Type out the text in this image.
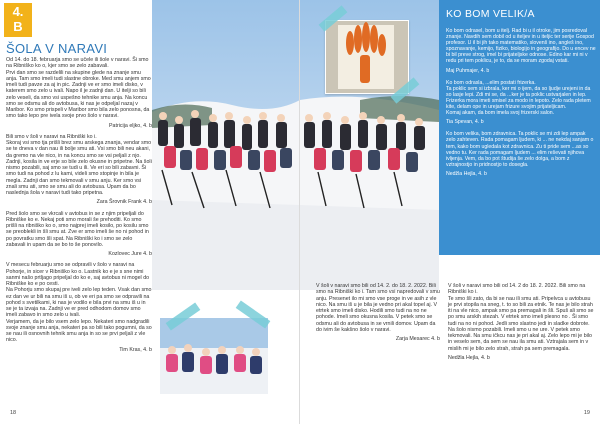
4.
B
ŠOLA V NARAVI

Od 14. do 18. februarja smo se učele ili šole v naravi. Ši smo na Ribniško ko o, kjer smo se zelo zabavali.
Prvi dan smo se razdelili na skupine glede na znanje smu anja. Tam smo imeli tudi slastne obroke. Med smu anjem smo imeli tudi pavze za aj in pic. Zadnji ve er smo imeli disko, v katerem smo zelo u ivali. Napo il je zadnji dan. U itelji so bili zelo veseli, da smo vsi uspešno tehnike smu anja. Na koncu smo se odsmu ali do avtobusa, ki nas je odpeljal nazaj v Maribor. Ko smo prispeli v Maribor smo bila zelo ponosna, da smo tako lepo pre ivela svoje prvo šolo v naravi.

Patricija eljko, 4. b

Bili smo v šoli v naravi na Ribniški ko i.
Skoraj vsi smo tja prišli brez smu arskega znanja, vendar smo se te dneva v dan nau ili bolje smu ati. Vsi smo bili neu akani, da gremo na vle nico, in na koncu smo se vsi peljali z njo. Zadnji, kosila in ve erje so bile zelo okusne in pripetne. Na šoli nismo pozabili, saj smo se tudi u ili. Ve eri so bili zabavni. Ši smo tudi na pohod z lu kami, videli smo stopinje in bila je megla. Zadnji dan smo tekmovali v smu anju. Ker smo vsi znali smu ati, smo se smu ali do avtobusa. Upam da bo naslednja šola v naravi tudi tako pripetna.

Zara Šrovnik Frank 4. b

Pred šolo smo se vkrcali v avtobus in se z njim pripeljali do Ribniške ko e. Nekaj poti smo morali še prehoditi. Ko smo prišli na ribniško ko o, smo najprej imeli kosilo, po kosilu smo se preoblekli in šli smu at. Zve er smo imeli še no ni pohod in po povratku smo šli spat. Na Ribniški ko i smo se zelo zabavali in upam da se bo to še ponovilo.

Kozlovec Jure 4. b

V mesecu februarju smo se odpravili v šolo v naravi na Pohorje, in sicer v Ribniško ko o. Lastnik ko e je s sne nimi sanmi našo prtljago pripeljal do ko e, saj avtobus ni mogel do Ribniške ko e po cesti.
Na Pohorju smo skupaj pre iveli zelo lep teden. Vsak dan smo ez dan ve ur bili na smu iš u, ob ve eri pa smo se odpravili na pohod s svetilkami, ki nas je vodilo e bila prvi na smu iš u in se je ta izvaja na. Zadnji ve er pred odhodom domov smo imeli zabavo in smo zelo u ivali.
Verjamem, da je bilo vsem zelo lepo. Nekateri smo nadgradili svoje znanje smu anja, nekateri pa so bili tako pogumni, da so se nau ili osnovnih tehnik smu anja in so se prvi peljali z vle nico.

Tim Kras, 4. b

18
KO BOM VELIK/A

Ko bom odrasel, bom u itelj. Rad bi u il otroke, jim posredoval znanje. Navdih sem dobil od u iteljev in u iteljic ter serije Gospod profesor. U il bi jih tako matematiko, slovenš ino, angleš ino, spoznavanje, kemijo, fiziko, biologijo in geografijo. Do u encev ne bi bil preve strog, imel bi prijateljske odnose. Edino kar mi ni v redu pri tem poklicu, je to, da se moram zgodaj vstati.

Maj Puhmajer, 4. b

Ko bom odrasla, ...elim postati frizerka.
Ta poklic sem si izbrala, ker mi o ijem, da so ljudje urejeni in da so lasje lepi. Zdi mi se, da ...ker je ta poklic ustvarjalen in lep. Frizerka mora imeti smisel za modo in lepoto. Zelo rada pletem kite, delam ope in urejam frizure svojim prijateljicam.
Komaj akam, da bom imela svoj frizerski salon.

Tia Spevan, 4. b

Ko bom velika, bom zdravnica. Ta poklic se mi zdi lep ampak zelo zahteven. Rada pomagam ljudem, ki ... ne nekdaj sanjam o tem, kako bom ugledala kot zdravnica. Zu ti pride sem ...as so vedno tu. Ker rada pomagam ljudem ... elim reševati njihova ivljenja. Vem, da bo pot študija še zelo dolga, a bom z vztrajnostjo in pridnostjo to dosegla.

Nedžla Hejla, 4. b

V šoli v naravi smo bili od 14. 2. do 18. 2. 2022. Bili smo na Ribniški ko i. Tam smo vsi napredovali v smu anju. Presenet ilo mi smo vse proge in ve asih z vle nico. Na smu iš u je bila je vedno pri akal topel aj. V etrtek smo imeli disko. Hodili smo tudi na no ne pohode. Imeli smo okusna kosila. V petek smo se odsmu ali do avtobusa in se vrnili domov. Upam da do ivim še kakšno šolo v naravi.

Zarja Mesarec 4. b

V šoli v naravi smo bili od 14. 2 do 18. 2. 2022. Bili smo na Ribniški ko i.
Te smo šli zato, da bi se nau ili smu ati. Pripelvca u avtobusu je prvi stopila na sneg, t. to so bili za etnik. Te nas je bilo strah iti na vle nico, ampak smo pa premagali in šli. Spuš ali smo se po smu arskih stezah. V etrtek smo imeli plesno no . Ši smo tudi na no ni pohod. Jedli smo slastno jedi in sladke dobrote. Na šolo nismo pozabili. Imeli smo u ne ure. V petek smo tekmovali. Na smu ičkcu nas je pri akal aj. Zelo lepo mi je bilo in veselo sem, da sem se nau ila smu ati. Vztrajala sem in v mislih mi je bilo zelo strah, strah pa sem premagala.

Nedžla Hejla, 4. b

19
